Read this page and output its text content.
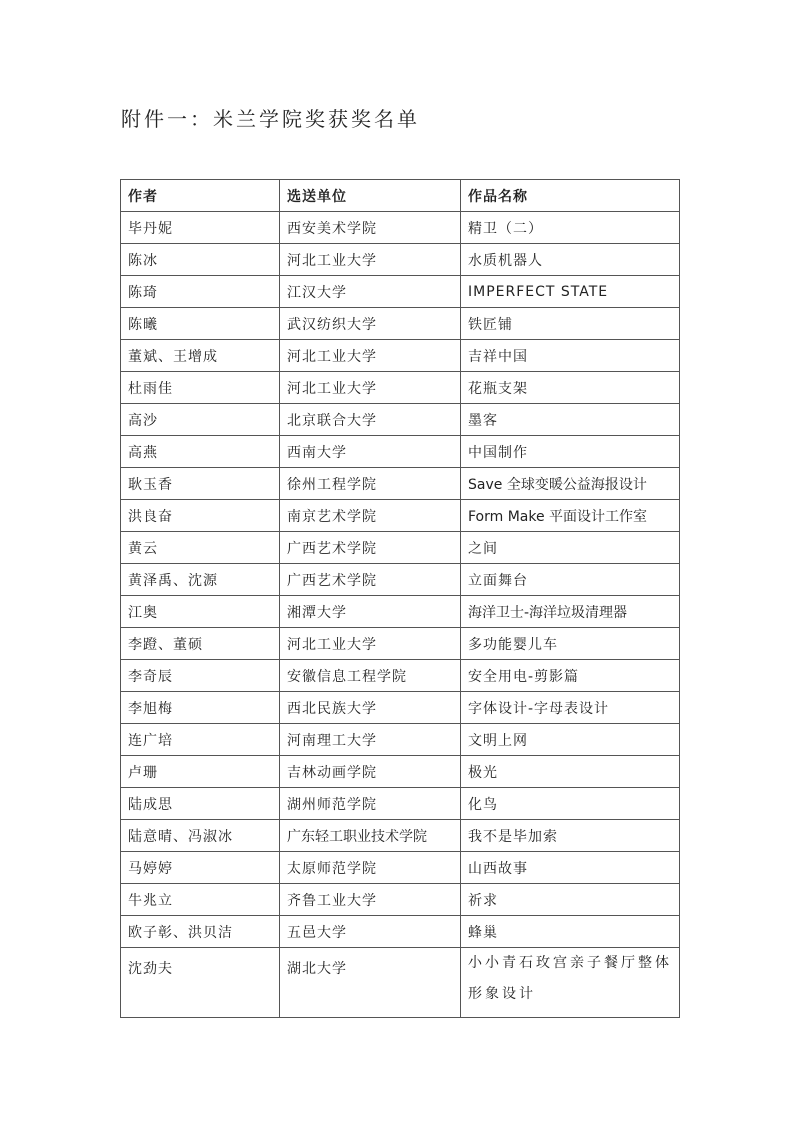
附件一：米兰学院奖获奖名单
作者	选送单位	作品名称
毕丹妮	西安美术学院	精卫（二）
陈冰	河北工业大学	水质机器人
陈琦	江汉大学	IMPERFECT STATE
陈曦	武汉纺织大学	铁匠铺
董斌、王增成	河北工业大学	吉祥中国
杜雨佳	河北工业大学	花瓶支架
高沙	北京联合大学	墨客
高燕	西南大学	中国制作
耿玉香	徐州工程学院	Save 全球变暖公益海报设计
洪良奋	南京艺术学院	Form Make 平面设计工作室
黄云	广西艺术学院	之间
黄泽禹、沈源	广西艺术学院	立面舞台
江奥	湘潭大学	海洋卫士-海洋垃圾清理器
李蹬、董硕	河北工业大学	多功能婴儿车
李奇辰	安徽信息工程学院	安全用电-剪影篇
李旭梅	西北民族大学	字体设计-字母表设计
连广培	河南理工大学	文明上网
卢珊	吉林动画学院	极光
陆成思	湖州师范学院	化鸟
陆意晴、冯淑冰	广东轻工职业技术学院	我不是毕加索
马婷婷	太原师范学院	山西故事
牛兆立	齐鲁工业大学	祈求
欧子彰、洪贝洁	五邑大学	蜂巢
沈劲夫	湖北大学	小小青石玫宫亲子餐厅整体形象设计
